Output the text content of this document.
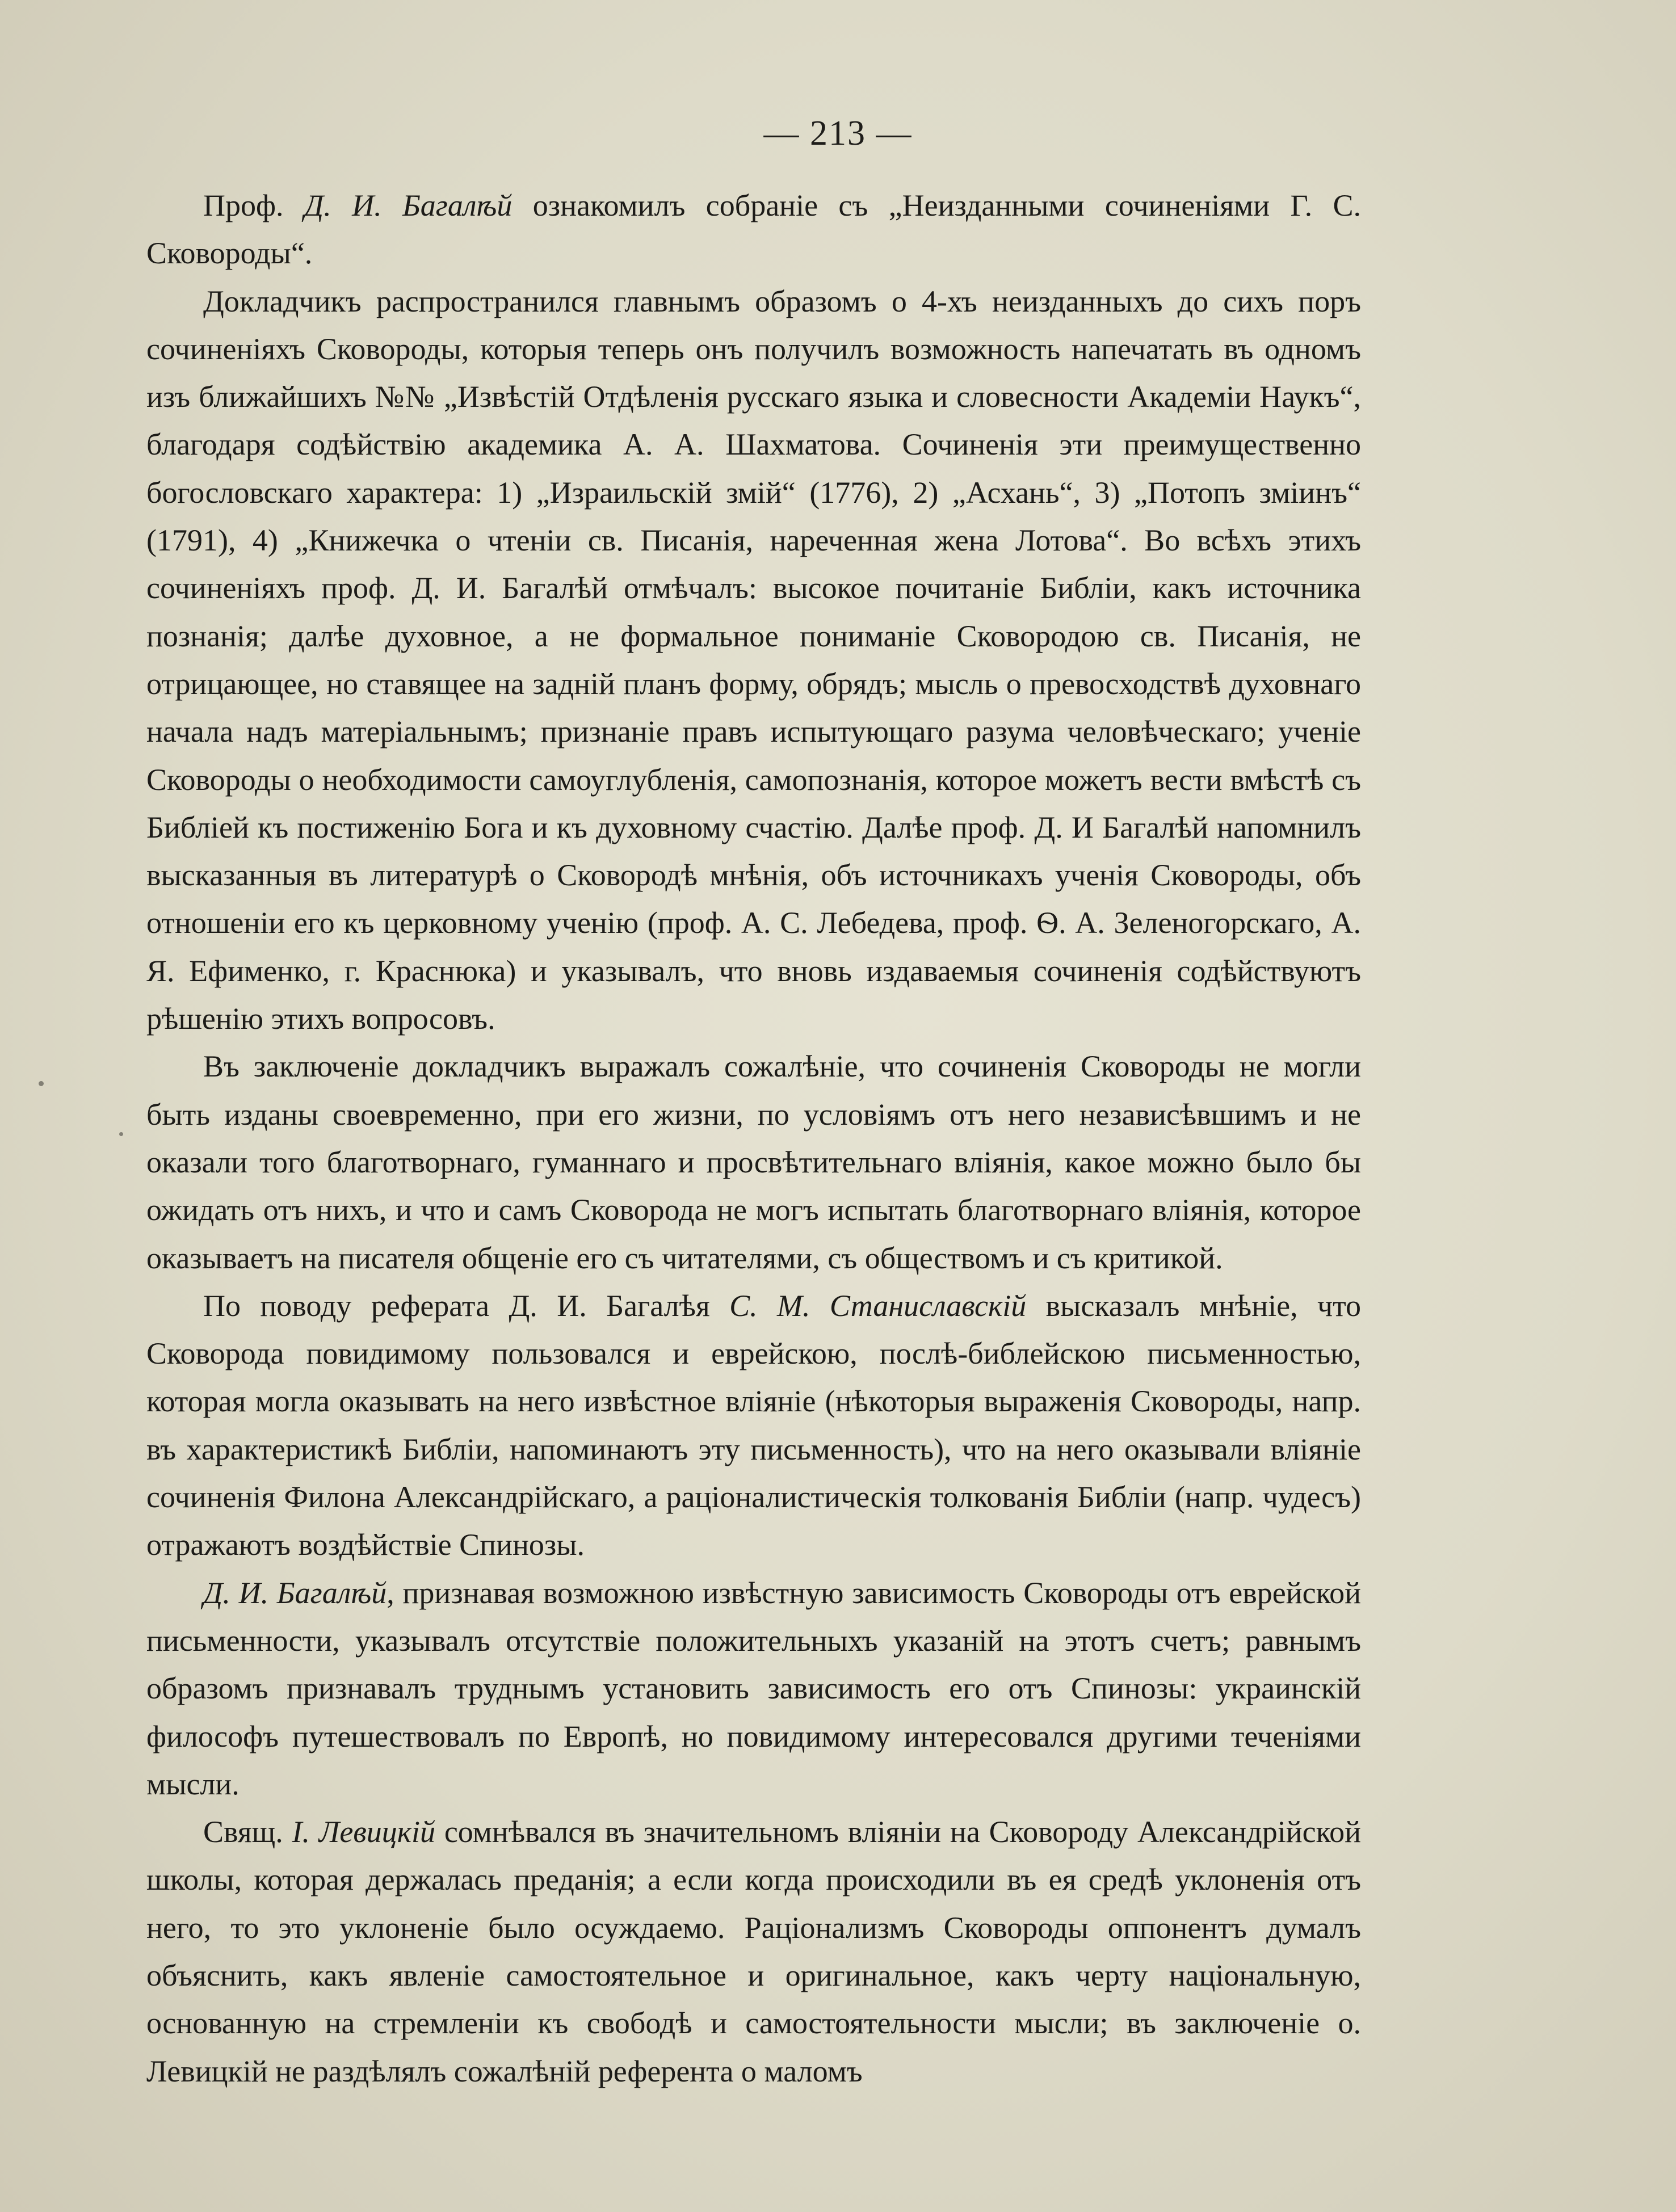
— 213 —

Проф. Д. И. Багалѣй ознакомилъ собраніе съ „Неизданными сочиненіями Г. С. Сковороды“.

Докладчикъ распространился главнымъ образомъ о 4-хъ неизданныхъ до сихъ поръ сочиненіяхъ Сковороды, которыя теперь онъ получилъ возможность напечатать въ одномъ изъ ближайшихъ №№ „Извѣстій Отдѣленія русскаго языка и словесности Академіи Наукъ“, благодаря содѣйствію академика А. А. Шахматова. Сочиненія эти преимущественно богословскаго характера: 1) „Израильскій змій“ (1776), 2) „Асхань“, 3) „Потопъ зміинъ“ (1791), 4) „Книжечка о чтеніи св. Писанія, нареченная жена Лотова“. Во всѣхъ этихъ сочиненіяхъ проф. Д. И. Багалѣй отмѣчалъ: высокое почитаніе Библіи, какъ источника познанія; далѣе духовное, а не формальное пониманіе Сковородою св. Писанія, не отрицающее, но ставящее на задній планъ форму, обрядъ; мысль о превосходствѣ духовнаго начала надъ матеріальнымъ; признаніе правъ испытующаго разума человѣческаго; ученіе Сковороды о необходимости самоуглубленія, самопознанія, которое можетъ вести вмѣстѣ съ Библіей къ постиженію Бога и къ духовному счастію. Далѣе проф. Д. И Багалѣй напомнилъ высказанныя въ литературѣ о Сковородѣ мнѣнія, объ источникахъ ученія Сковороды, объ отношеніи его къ церковному ученію (проф. А. С. Лебедева, проф. Ѳ. А. Зеленогорскаго, А. Я. Ефименко, г. Краснюка) и указывалъ, что вновь издаваемыя сочиненія содѣйствуютъ рѣшенію этихъ вопросовъ.

Въ заключеніе докладчикъ выражалъ сожалѣніе, что сочиненія Сковороды не могли быть изданы своевременно, при его жизни, по условіямъ отъ него независѣвшимъ и не оказали того благотворнаго, гуманнаго и просвѣтительнаго вліянія, какое можно было бы ожидать отъ нихъ, и что и самъ Сковорода не могъ испытать благотворнаго вліянія, которое оказываетъ на писателя общеніе его съ читателями, съ обществомъ и съ критикой.

По поводу реферата Д. И. Багалѣя С. М. Станиславскій высказалъ мнѣніе, что Сковорода повидимому пользовался и еврейскою, послѣ-библейскою письменностью, которая могла оказывать на него извѣстное вліяніе (нѣкоторыя выраженія Сковороды, напр. въ характеристикѣ Библіи, напоминаютъ эту письменность), что на него оказывали вліяніе сочиненія Филона Александрійскаго, а раціоналистическія толкованія Библіи (напр. чудесъ) отражаютъ воздѣйствіе Спинозы.

Д. И. Багалѣй, признавая возможною извѣстную зависимость Сковороды отъ еврейской письменности, указывалъ отсутствіе положительныхъ указаній на этотъ счетъ; равнымъ образомъ признавалъ труднымъ установить зависимость его отъ Спинозы: украинскій философъ путешествовалъ по Европѣ, но повидимому интересовался другими теченіями мысли.

Свящ. І. Левицкій сомнѣвался въ значительномъ вліяніи на Сковороду Александрійской школы, которая держалась преданія; а если когда происходили въ ея средѣ уклоненія отъ него, то это уклоненіе было осуждаемо. Раціонализмъ Сковороды оппонентъ думалъ объяснить, какъ явленіе самостоятельное и оригинальное, какъ черту національную, основанную на стремленіи къ свободѣ и самостоятельности мысли; въ заключеніе о. Левицкій не раздѣлялъ сожалѣній референта о маломъ
